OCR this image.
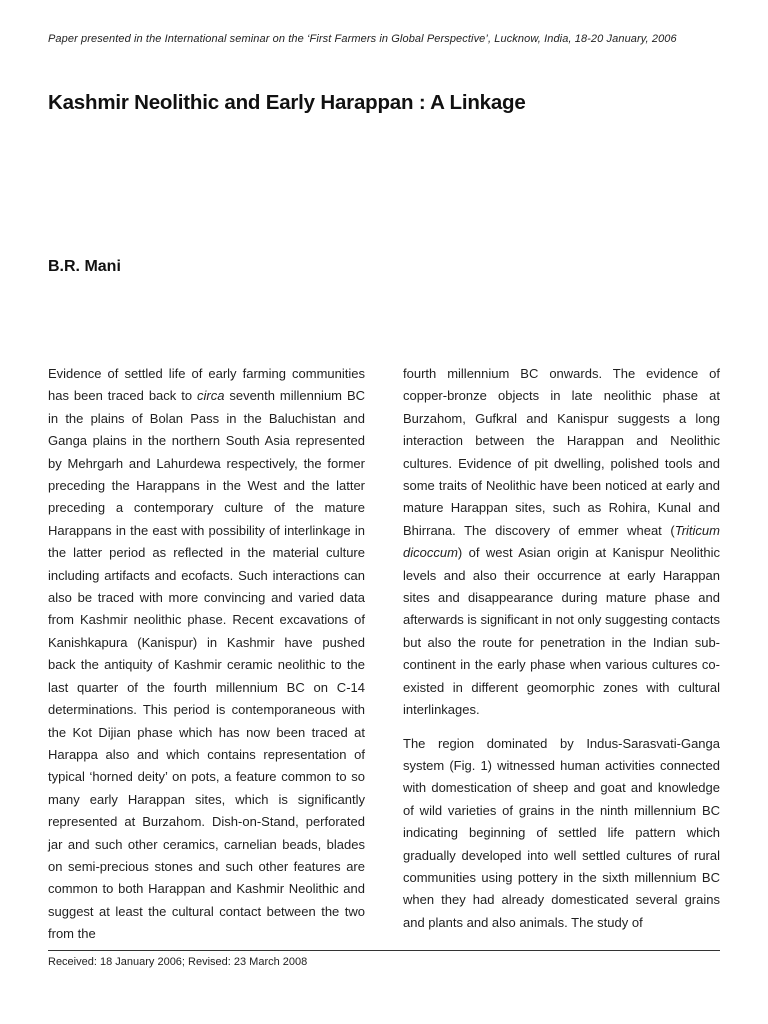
Paper presented in the International seminar on the ‘First Farmers in Global Perspective’, Lucknow, India, 18-20 January, 2006
Kashmir Neolithic and Early Harappan : A Linkage
B.R. Mani

Evidence of settled life of early farming communities has been traced back to circa seventh millennium BC in the plains of Bolan Pass in the Baluchistan and Ganga plains in the northern South Asia represented by Mehrgarh and Lahurdewa respectively, the former preceding the Harappans in the West and the latter preceding a contemporary culture of the mature Harappans in the east with possibility of interlinkage in the latter period as reflected in the material culture including artifacts and ecofacts. Such interactions can also be traced with more convincing and varied data from Kashmir neolithic phase. Recent excavations of Kanishkapura (Kanispur) in Kashmir have pushed back the antiquity of Kashmir ceramic neolithic to the last quarter of the fourth millennium BC on C-14 determinations. This period is contemporaneous with the Kot Dijian phase which has now been traced at Harappa also and which contains representation of typical ‘horned deity’ on pots, a feature common to so many early Harappan sites, which is significantly represented at Burzahom. Dish-on-Stand, perforated jar and such other ceramics, carnelian beads, blades on semi-precious stones and such other features are common to both Harappan and Kashmir Neolithic and suggest at least the cultural contact between the two from the

fourth millennium BC onwards. The evidence of copper-bronze objects in late neolithic phase at Burzahom, Gufkral and Kanispur suggests a long interaction between the Harappan and Neolithic cultures. Evidence of pit dwelling, polished tools and some traits of Neolithic have been noticed at early and mature Harappan sites, such as Rohira, Kunal and Bhirrana. The discovery of emmer wheat (Triticum dicoccum) of west Asian origin at Kanispur Neolithic levels and also their occurrence at early Harappan sites and disappearance during mature phase and afterwards is significant in not only suggesting contacts but also the route for penetration in the Indian sub-continent in the early phase when various cultures co-existed in different geomorphic zones with cultural interlinkages.

The region dominated by Indus-Sarasvati-Ganga system (Fig. 1) witnessed human activities connected with domestication of sheep and goat and knowledge of wild varieties of grains in the ninth millennium BC indicating beginning of settled life pattern which gradually developed into well settled cultures of rural communities using pottery in the sixth millennium BC when they had already domesticated several grains and plants and also animals. The study of

Received: 18 January 2006; Revised: 23 March 2008
